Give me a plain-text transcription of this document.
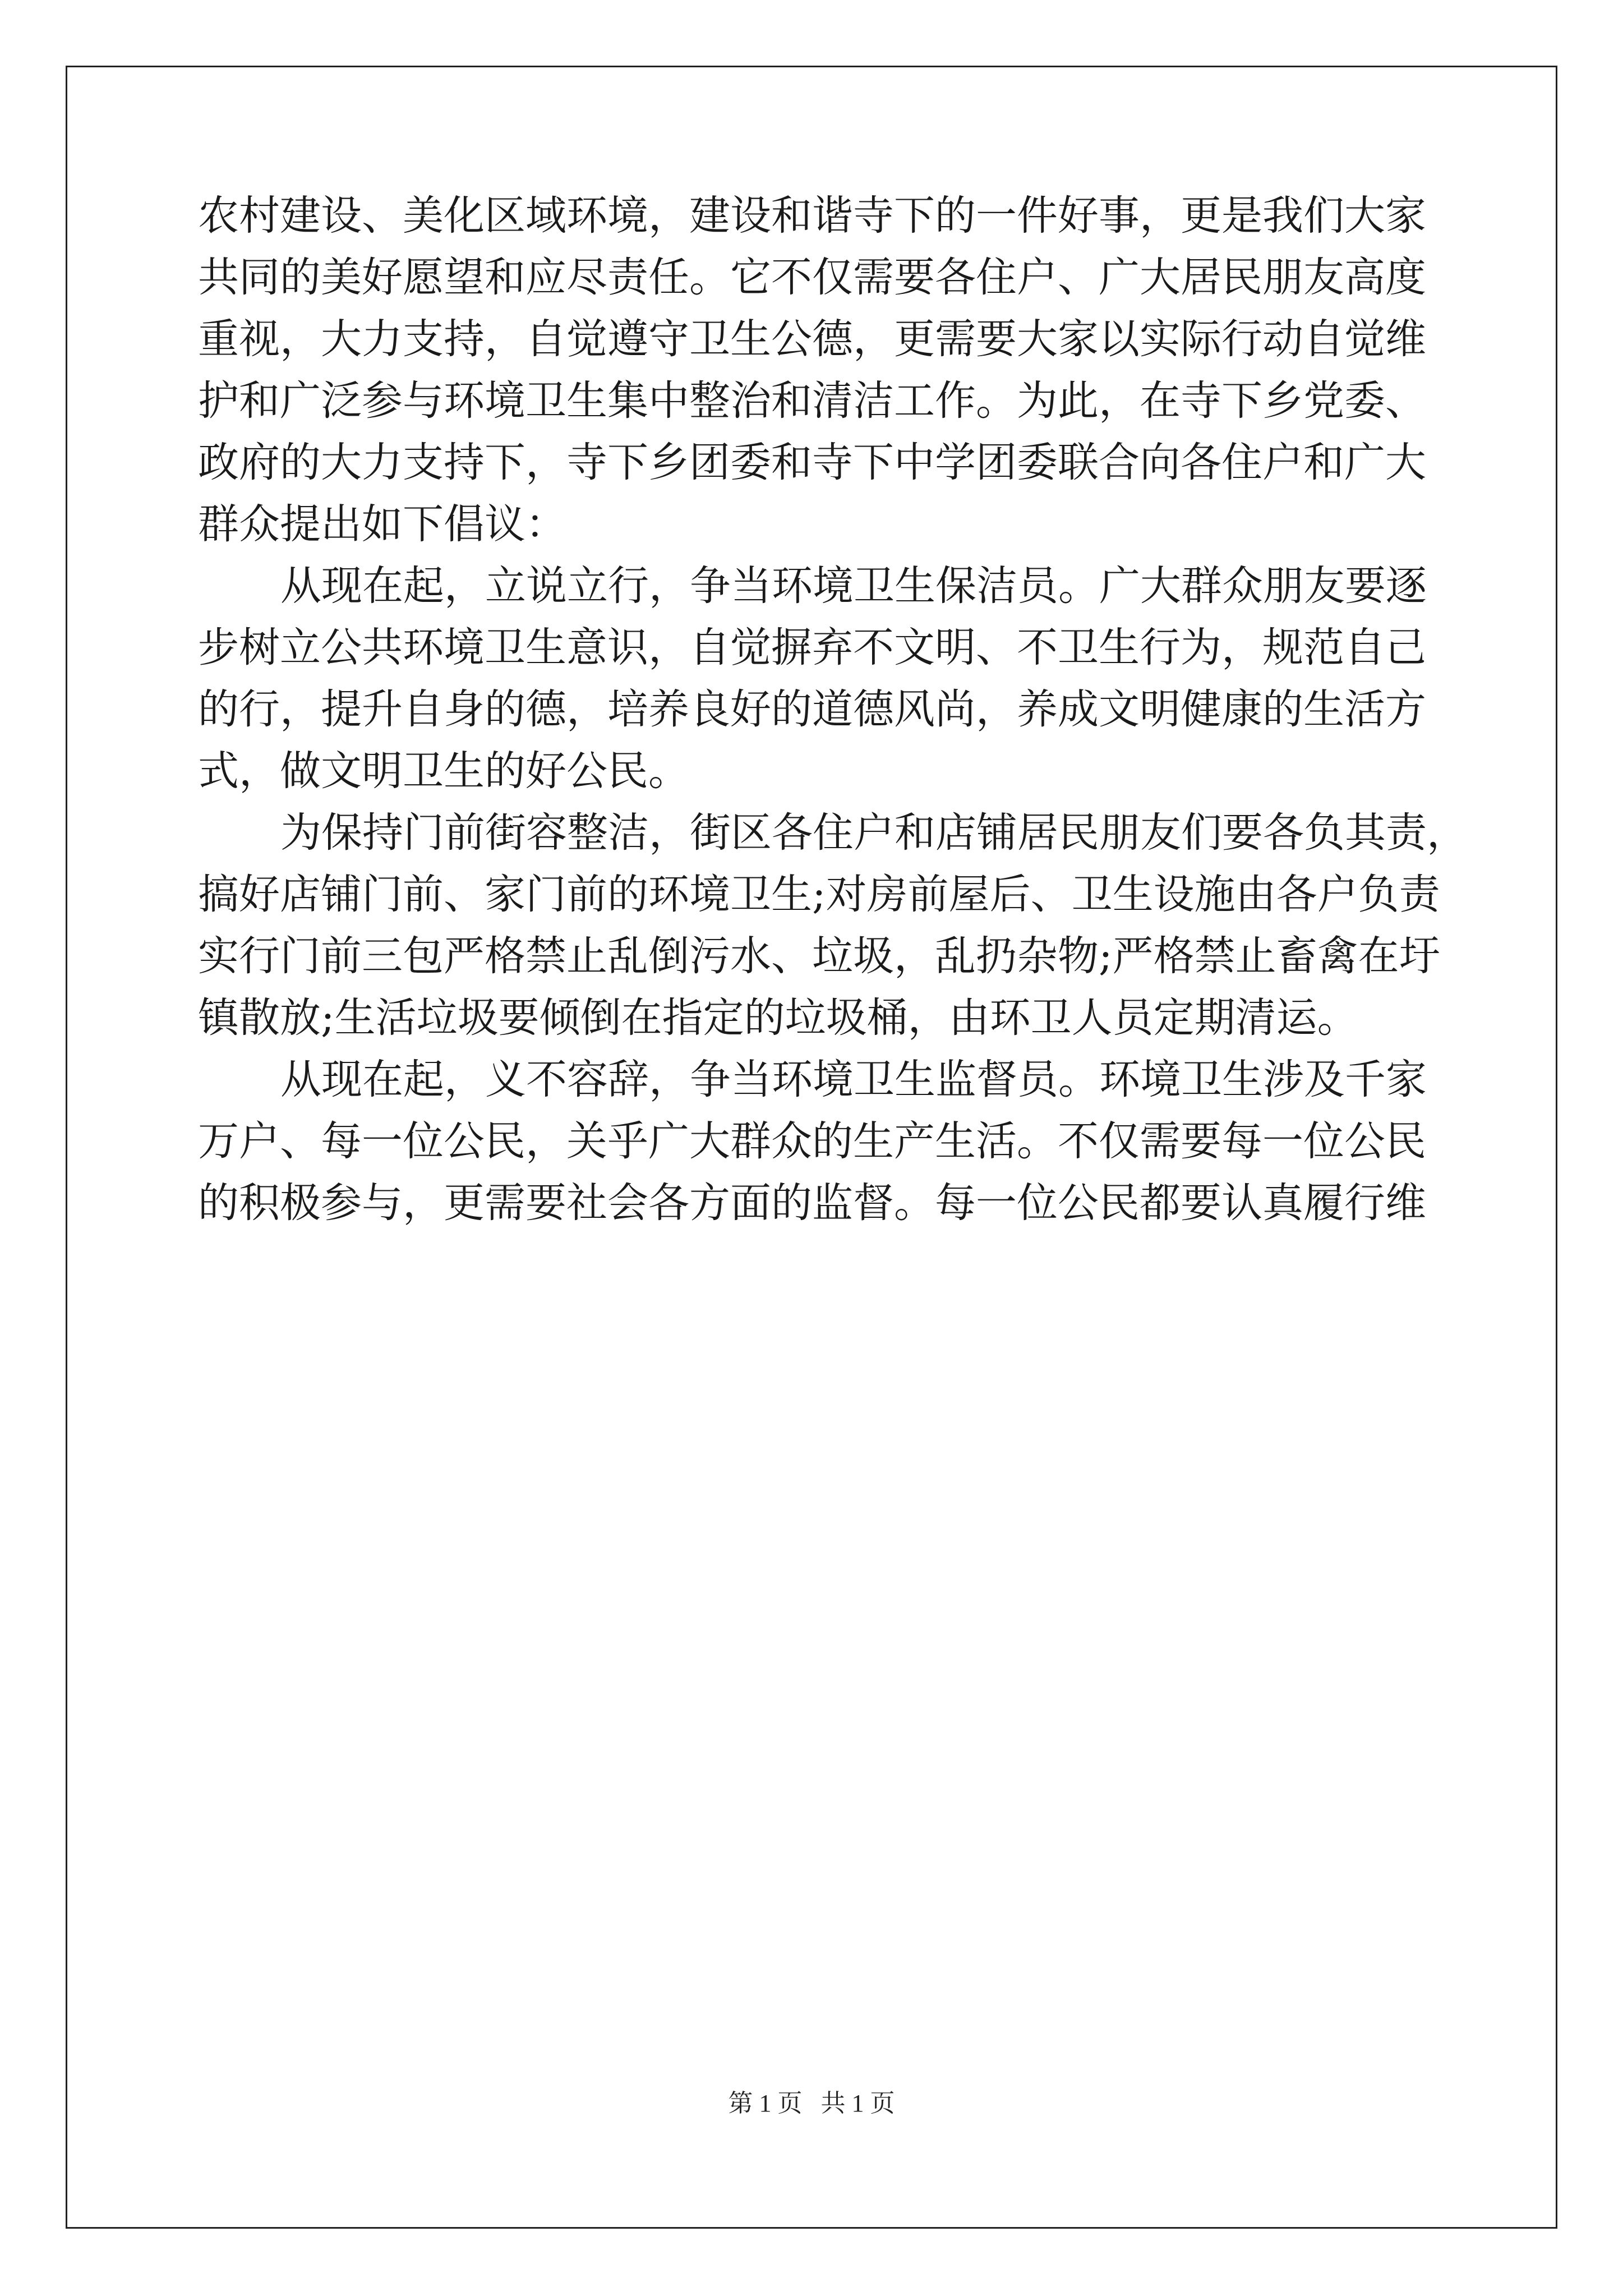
农村建设、美化区域环境，建设和谐寺下的一件好事，更是我们大家
共同的美好愿望和应尽责任。它不仅需要各住户、广大居民朋友高度
重视，大力支持，自觉遵守卫生公德，更需要大家以实际行动自觉维
护和广泛参与环境卫生集中整治和清洁工作。为此，在寺下乡党委、
政府的大力支持下，寺下乡团委和寺下中学团委联合向各住户和广大
群众提出如下倡议：
从现在起，立说立行，争当环境卫生保洁员。广大群众朋友要逐
步树立公共环境卫生意识，自觉摒弃不文明、不卫生行为，规范自己
的行，提升自身的德，培养良好的道德风尚，养成文明健康的生活方
式，做文明卫生的好公民。
为保持门前街容整洁，街区各住户和店铺居民朋友们要各负其责，
搞好店铺门前、家门前的环境卫生;对房前屋后、卫生设施由各户负责
实行门前三包严格禁止乱倒污水、垃圾，乱扔杂物;严格禁止畜禽在圩
镇散放;生活垃圾要倾倒在指定的垃圾桶，由环卫人员定期清运。
从现在起，义不容辞，争当环境卫生监督员。环境卫生涉及千家
万户、每一位公民，关乎广大群众的生产生活。不仅需要每一位公民
的积极参与，更需要社会各方面的监督。每一位公民都要认真履行维
第 1 页   共 1 页
